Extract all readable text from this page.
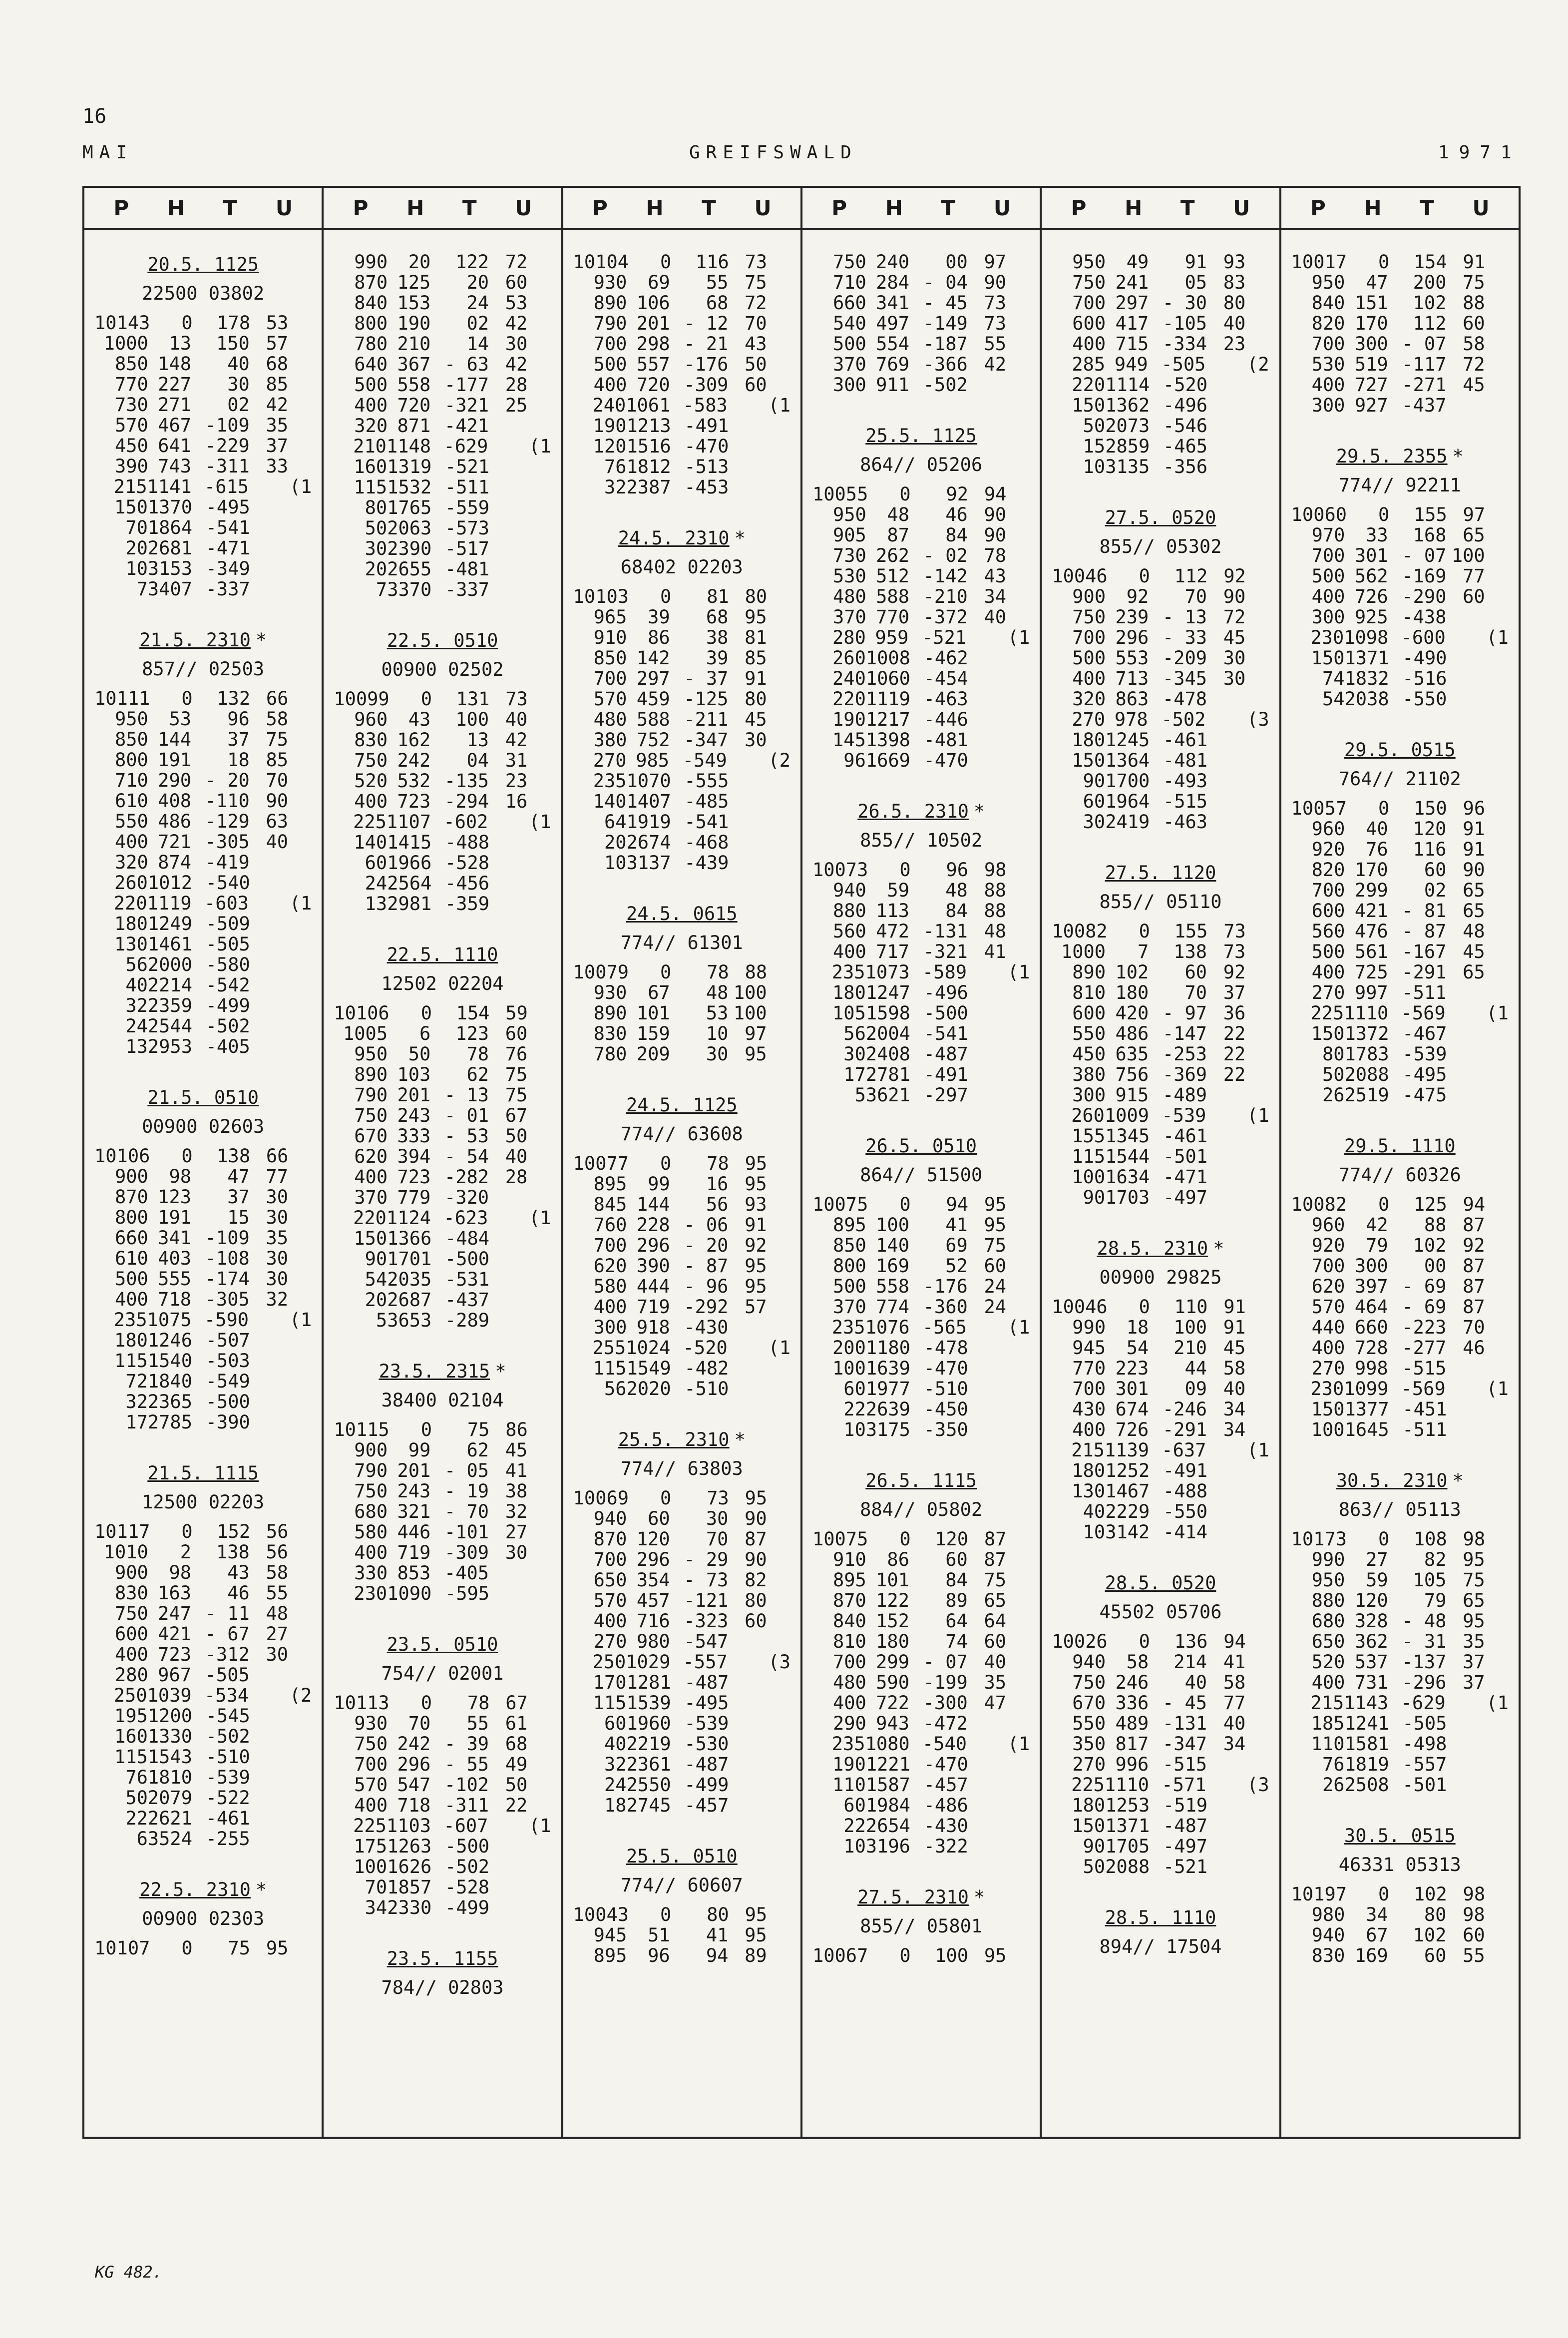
16
MAI	GREIFSWALD	1971
P H T U
20.5. 1125
22500 03802
10143	0	178 53
1000	13	150 57
850 148	40 68
770 227	30 85
730 271	02 42
570 467 -109 35
450 641 -229 37
390 743 -311 33
215 1141 -615 (1
150 1370 -495
70 1864 -541
20 2681 -471
10 3153 -349
7 3407 -337
21.5. 2310 *
857// 02503
10111	0	132 66
950	53	96 58
850 144	37 75
800 191	18 85
710 290 - 20 70
610 408 -110 90
550 486 -129 63
400 721 -305 40
320 874 -419
260 1012 -540
220 1119 -603 (1
180 1249 -509
130 1461 -505
56 2000 -580
40 2214 -542
32 2359 -499
24 2544 -502
13 2953 -405
21.5. 0510
00900 02603
10106	0	138 66
900	98	47 77
870 123	37 30
800 191	15 30
660 341 -109 35
610 403 -108 30
500 555 -174 30
400 718 -305 32
235 1075 -590 (1
180 1246 -507
115 1540 -503
72 1840 -549
32 2365 -500
17 2785 -390
21.5. 1115
12500 02203
10117	0	152 56
1010	2	138 56
900	98	43 58
830 163	46 55
750 247 - 11 48
600 421 - 67 27
400 723 -312 30
280 967 -505
250 1039 -534 (2
195 1200 -545
160 1330 -502
115 1543 -510
76 1810 -539
50 2079 -522
22 2621 -461
6 3524 -255
22.5. 2310 *
00900 02303
10107	0	75 95
P H T U
990	20	122 72
870 125	20 60
840 153	24 53
800 190	02 42
780 210	14 30
640 367 - 63 42
500 558 -177 28
400 720 -321 25
320 871 -421
210 1148 -629 (1
160 1319 -521
115 1532 -511
80 1765 -559
50 2063 -573
30 2390 -517
20 2655 -481
7 3370 -337
22.5. 0510
00900 02502
10099	0	131 73
960	43	100 40
830 162	13 42
750 242	04 31
520 532 -135 23
400 723 -294 16
225 1107 -602 (1
140 1415 -488
60 1966 -528
24 2564 -456
13 2981 -359
22.5. 1110
12502 02204
10106	0	154 59
1005	6	123 60
950	50	78 76
890 103	62 75
790 201 - 13 75
750 243 - 01 67
670 333 - 53 50
620 394 - 54 40
400 723 -282 28
370 779 -320
220 1124 -623 (1
150 1366 -484
90 1701 -500
54 2035 -531
20 2687 -437
5 3653 -289
23.5. 2315 *
38400 02104
10115	0	75 86
900	99	62 45
790 201 - 05 41
750 243 - 19 38
680 321 - 70 32
580 446 -101 27
400 719 -309 30
330 853 -405
230 1090 -595
23.5. 0510
754// 02001
10113	0	78 67
930	70	55 61
750 242 - 39 68
700 296 - 55 49
570 547 -102 50
400 718 -311 22
225 1103 -607 (1
175 1263 -500
100 1626 -502
70 1857 -528
34 2330 -499
23.5. 1155
784// 02803
P H T U
10104	0	116 73
930	69	55 75
890 106	68 72
790 201 - 12 70
700 298 - 21 43
500 557 -176 50
400 720 -309 60
240 1061 -583 (1
190 1213 -491
120 1516 -470
76 1812 -513
32 2387 -453
24.5. 2310 *
68402 02203
10103	0	81 80
965	39	68 95
910	86	38 81
850 142	39 85
700 297 - 37 91
570 459 -125 80
480 588 -211 45
380 752 -347 30
270 985 -549 (2
235 1070 -555
140 1407 -485
64 1919 -541
20 2674 -468
10 3137 -439
24.5. 0615
774// 61301
10079	0	78 88
930	67	48 100
890 101	53 100
830 159	10 97
780 209	30 95
24.5. 1125
774// 63608
10077	0	78 95
895	99	16 95
845 144	56 93
760 228 - 06 91
700 296 - 20 92
620 390 - 87 95
580 444 - 96 95
400 719 -292 57
300 918 -430
255 1024 -520 (1
115 1549 -482
56 2020 -510
25.5. 2310 *
774// 63803
10069	0	73 95
940	60	30 90
870 120	70 87
700 296 - 29 90
650 354 - 73 82
570 457 -121 80
400 716 -323 60
270 980 -547
250 1029 -557 (3
170 1281 -487
115 1539 -495
60 1960 -539
40 2219 -530
32 2361 -487
24 2550 -499
18 2745 -457
25.5. 0510
774// 60607
10043	0	80 95
945	51	41 95
895	96	94 89
P H T U
750 240	00 97
710 284 - 04 90
660 341 - 45 73
540 497 -149 73
500 554 -187 55
370 769 -366 42
300 911 -502
25.5. 1125
864// 05206
10055	0	92 94
950	48	46 90
905	87	84 90
730 262 - 02 78
530 512 -142 43
480 588 -210 34
370 770 -372 40
280 959 -521 (1
260 1008 -462
240 1060 -454
220 1119 -463
190 1217 -446
145 1398 -481
96 1669 -470
26.5. 2310 *
855// 10502
10073	0	96 98
940	59	48 88
880 113	84 88
560 472 -131 48
400 717 -321 41
235 1073 -589 (1
180 1247 -496
105 1598 -500
56 2004 -541
30 2408 -487
17 2781 -491
5 3621 -297
26.5. 0510
864// 51500
10075	0	94 95
895 100	41 95
850 140	69 75
800 169	52 60
500 558 -176 24
370 774 -360 24
235 1076 -565 (1
200 1180 -478
100 1639 -470
60 1977 -510
22 2639 -450
10 3175 -350
26.5. 1115
884// 05802
10075	0	120 87
910	86	60 87
895 101	84 75
870 122	89 65
840 152	64 64
810 180	74 60
700 299 - 07 40
480 590 -199 35
400 722 -300 47
290 943 -472
235 1080 -540 (1
190 1221 -470
110 1587 -457
60 1984 -486
22 2654 -430
10 3196 -322
27.5. 2310 *
855// 05801
10067	0	100 95
P H T U
950	49	91 93
750 241	05 83
700 297 - 30 80
600 417 -105 40
400 715 -334 23
285 949 -505 (2
220 1114 -520
150 1362 -496
50 2073 -546
15 2859 -465
10 3135 -356
27.5. 0520
855// 05302
10046	0	112 92
900	92	70 90
750 239 - 13 72
700 296 - 33 45
500 553 -209 30
400 713 -345 30
320 863 -478
270 978 -502 (3
180 1245 -461
150 1364 -481
90 1700 -493
60 1964 -515
30 2419 -463
27.5. 1120
855// 05110
10082	0	155 73
1000	7	138 73
890 102	60 92
810 180	70 37
600 420 - 97 36
550 486 -147 22
450 635 -253 22
380 756 -369 22
300 915 -489
260 1009 -539 (1
155 1345 -461
115 1544 -501
100 1634 -471
90 1703 -497
28.5. 2310 *
00900 29825
10046	0	110 91
990	18	100 91
945	54	210 45
770 223	44 58
700 301	09 40
430 674 -246 34
400 726 -291 34
215 1139 -637 (1
180 1252 -491
130 1467 -488
40 2229 -550
10 3142 -414
28.5. 0520
45502 05706
10026	0	136 94
940	58	214 41
750 246	40 58
670 336 - 45 77
550 489 -131 40
350 817 -347 34
270 996 -515
225 1110 -571 (3
180 1253 -519
150 1371 -487
90 1705 -497
50 2088 -521
28.5. 1110
894// 17504
P H T U
10017	0	154 91
950	47	200 75
840 151	102 88
820 170	112 60
700 300 - 07 58
530 519 -117 72
400 727 -271 45
300 927 -437
29.5. 2355 *
774// 92211
10060	0	155 97
970	33	168 65
700 301 - 07 100
500 562 -169 77
400 726 -290 60
300 925 -438
230 1098 -600 (1
150 1371 -490
74 1832 -516
54 2038 -550
29.5. 0515
764// 21102
10057	0	150 96
960	40	120 91
920	76	116 91
820 170	60 90
700 299	02 65
600 421 - 81 65
560 476 - 87 48
500 561 -167 45
400 725 -291 65
270 997 -511
225 1110 -569 (1
150 1372 -467
80 1783 -539
50 2088 -495
26 2519 -475
29.5. 1110
774// 60326
10082	0	125 94
960	42	88 87
920	79	102 92
700 300	00 87
620 397 - 69 87
570 464 - 69 87
440 660 -223 70
400 728 -277 46
270 998 -515
230 1099 -569 (1
150 1377 -451
100 1645 -511
30.5. 2310 *
863// 05113
10173	0	108 98
990	27	82 95
950	59	105 75
880 120	79 65
680 328 - 48 95
650 362 - 31 35
520 537 -137 37
400 731 -296 37
215 1143 -629 (1
185 1241 -505
110 1581 -498
76 1819 -557
26 2508 -501
30.5. 0515
46331 05313
10197	0	102 98
980	34	80 98
940	67	102 60
830 169	60 55
KG 482.
